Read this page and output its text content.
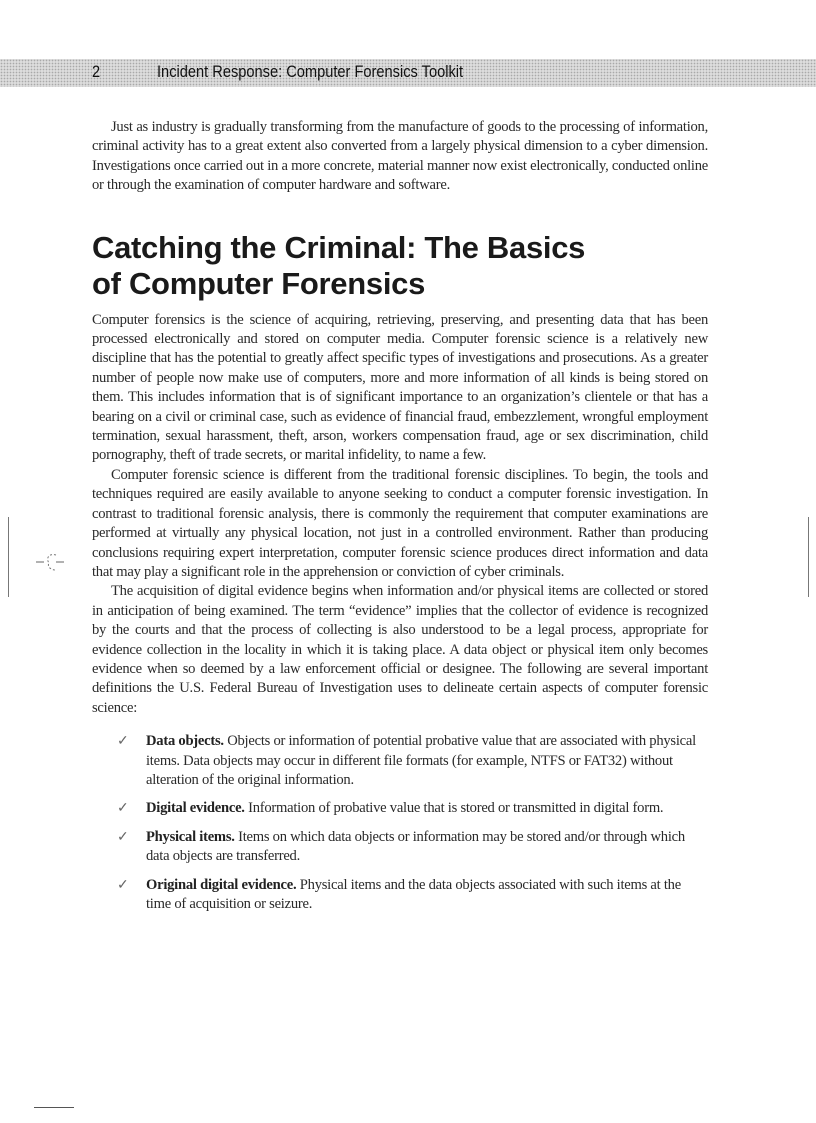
2	Incident Response: Computer Forensics Toolkit

Just as industry is gradually transforming from the manufacture of goods to the processing of information, criminal activity has to a great extent also converted from a largely physical dimension to a cyber dimension. Investigations once carried out in a more concrete, material manner now exist electronically, conducted online or through the examination of computer hardware and software.

Catching the Criminal: The Basics
of Computer Forensics

Computer forensics is the science of acquiring, retrieving, preserving, and presenting data that has been processed electronically and stored on computer media. Computer forensic science is a relatively new discipline that has the potential to greatly affect specific types of investigations and prosecutions. As a greater number of people now make use of computers, more and more information of all kinds is being stored on them. This includes information that is of significant importance to an organization’s clientele or that has a bearing on a civil or criminal case, such as evidence of financial fraud, embezzlement, wrongful employment termination, sexual harassment, theft, arson, workers compensation fraud, age or sex discrimination, child pornography, theft of trade secrets, or marital infidelity, to name a few.

Computer forensic science is different from the traditional forensic disciplines. To begin, the tools and techniques required are easily available to anyone seeking to conduct a computer forensic investigation. In contrast to traditional forensic analysis, there is commonly the requirement that computer examinations are performed at virtually any physical location, not just in a controlled environment. Rather than producing conclusions requiring expert interpretation, computer forensic science produces direct information and data that may play a significant role in the apprehension or conviction of cyber criminals.

The acquisition of digital evidence begins when information and/or physical items are collected or stored in anticipation of being examined. The term “evidence” implies that the collector of evidence is recognized by the courts and that the process of collecting is also understood to be a legal process, appropriate for evidence collection in the locality in which it is taking place. A data object or physical item only becomes evidence when so deemed by a law enforcement official or designee. The following are several important definitions the U.S. Federal Bureau of Investigation uses to delineate certain aspects of computer forensic science:

✓ Data objects. Objects or information of potential probative value that are associated with physical items. Data objects may occur in different file formats (for example, NTFS or FAT32) without alteration of the original information.
✓ Digital evidence. Information of probative value that is stored or transmitted in digital form.
✓ Physical items. Items on which data objects or information may be stored and/or through which data objects are transferred.
✓ Original digital evidence. Physical items and the data objects associated with such items at the time of acquisition or seizure.
